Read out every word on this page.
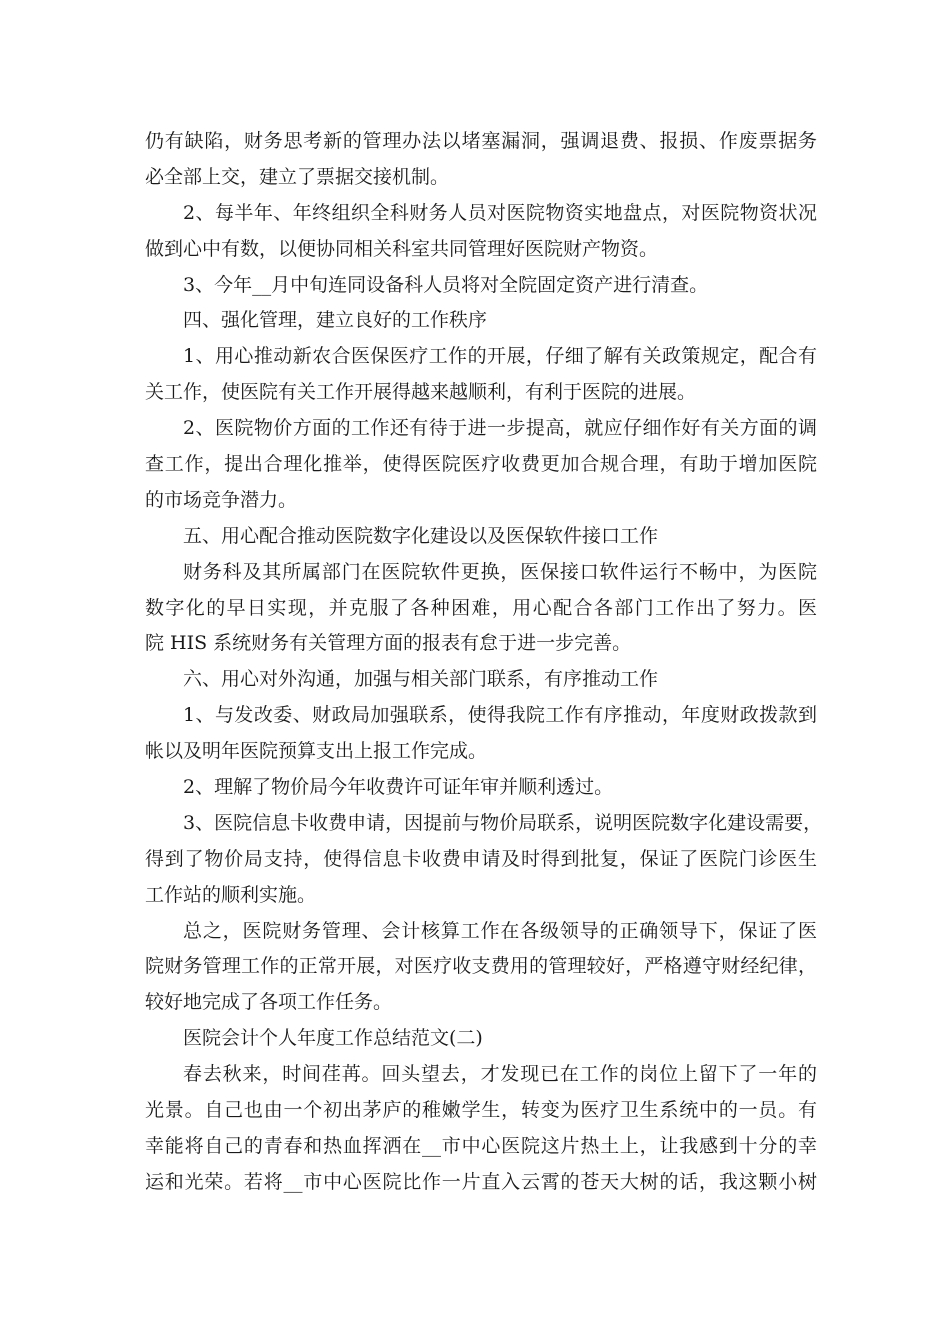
仍有缺陷，财务思考新的管理办法以堵塞漏洞，强调退费、报损、作废票据务
必全部上交，建立了票据交接机制。
2、每半年、年终组织全科财务人员对医院物资实地盘点，对医院物资状况
做到心中有数，以便协同相关科室共同管理好医院财产物资。
3、今年__月中旬连同设备科人员将对全院固定资产进行清查。
四、强化管理，建立良好的工作秩序
1、用心推动新农合医保医疗工作的开展，仔细了解有关政策规定，配合有
关工作，使医院有关工作开展得越来越顺利，有利于医院的进展。
2、医院物价方面的工作还有待于进一步提高，就应仔细作好有关方面的调
查工作，提出合理化推举，使得医院医疗收费更加合规合理，有助于增加医院
的市场竞争潜力。
五、用心配合推动医院数字化建设以及医保软件接口工作
财务科及其所属部门在医院软件更换，医保接口软件运行不畅中，为医院
数字化的早日实现，并克服了各种困难，用心配合各部门工作出了努力。医
院 HIS 系统财务有关管理方面的报表有怠于进一步完善。
六、用心对外沟通，加强与相关部门联系，有序推动工作
1、与发改委、财政局加强联系，使得我院工作有序推动，年度财政拨款到
帐以及明年医院预算支出上报工作完成。
2、理解了物价局今年收费许可证年审并顺利透过。
3、医院信息卡收费申请，因提前与物价局联系，说明医院数字化建设需要，
得到了物价局支持，使得信息卡收费申请及时得到批复，保证了医院门诊医生
工作站的顺利实施。
总之，医院财务管理、会计核算工作在各级领导的正确领导下，保证了医
院财务管理工作的正常开展，对医疗收支费用的管理较好，严格遵守财经纪律，
较好地完成了各项工作任务。
医院会计个人年度工作总结范文(二)
春去秋来，时间荏苒。回头望去，才发现已在工作的岗位上留下了一年的
光景。自己也由一个初出茅庐的稚嫩学生，转变为医疗卫生系统中的一员。有
幸能将自己的青春和热血挥洒在__市中心医院这片热土上，让我感到十分的幸
运和光荣。若将__市中心医院比作一片直入云霄的苍天大树的话，我这颗小树
